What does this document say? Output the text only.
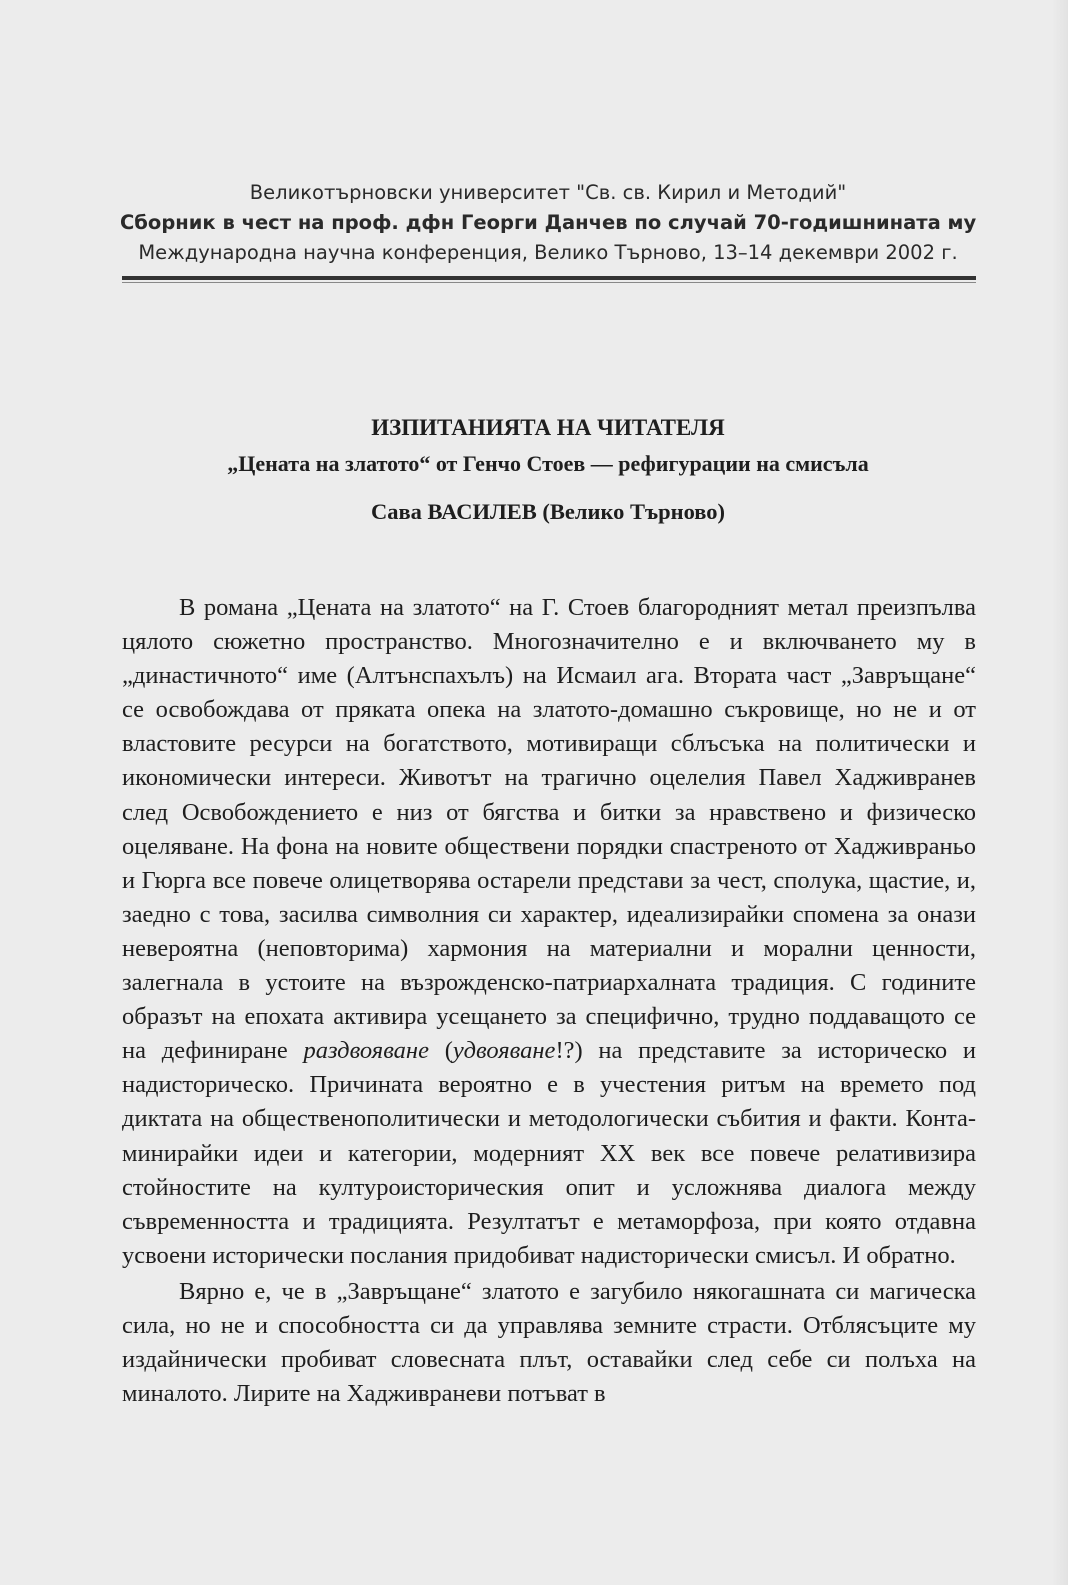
Великотърновски университет "Св. св. Кирил и Методий"
Сборник в чест на проф. дфн Георги Данчев по случай 70-годишнината му
Международна научна конференция, Велико Търново, 13–14 декември 2002 г.
ИЗПИТАНИЯТА НА ЧИТАТЕЛЯ
„Цената на златото“ от Генчо Стоев — рефигурации на смисъла
Сава ВАСИЛЕВ (Велико Търново)

В романа „Цената на златото“ на Г. Стоев благородният метал преизпълва цялото сюжетно пространство. Многозначително е и включването му в „династичното“ име (Алтънспахълъ) на Исмаил ага. Втората част „Завръщане“ се освобождава от пряката опека на златото-домашно съкровище, но не и от властовите ресурси на богатството, мотивиращи сблъсъка на политически и икономически интереси. Животът на трагично оцелелия Павел Хадживранев след Освобождението е низ от бягства и битки за нравствено и физическо оцеляване. На фона на новите обществени порядки спастреното от Хадживраньо и Гюрга все повече олицетворява остарели представи за чест, сполука, щастие, и, заедно с това, засилва символния си характер, идеализирайки спомена за онази невероятна (неповторима) хармония на материални и морални ценности, залегнала в устоите на възрожденско-патриархалната традиция. С годините образът на епохата активира усещането за специфично, трудно поддаващото се на дефиниране раздвояване (удвояване!?) на представите за историческо и надисторическо. Причината вероятно е в учестения ритъм на времето под диктата на общественополитически и методологически събития и факти. Контаминирайки идеи и категории, модерният XX век все повече релативизира стойностите на културоисторическия опит и усложнява диалога между съвременността и традицията. Резултатът е метаморфоза, при която отдавна усвоени исторически послания придобиват надисторически смисъл. И обратно.

Вярно е, че в „Завръщане“ златото е загубило някогашната си магическа сила, но не и способността си да управлява земните страсти. Отблясъците му издайнически пробиват словесната плът, оставайки след себе си полъха на миналото. Лирите на Хадживраневи потъват в
